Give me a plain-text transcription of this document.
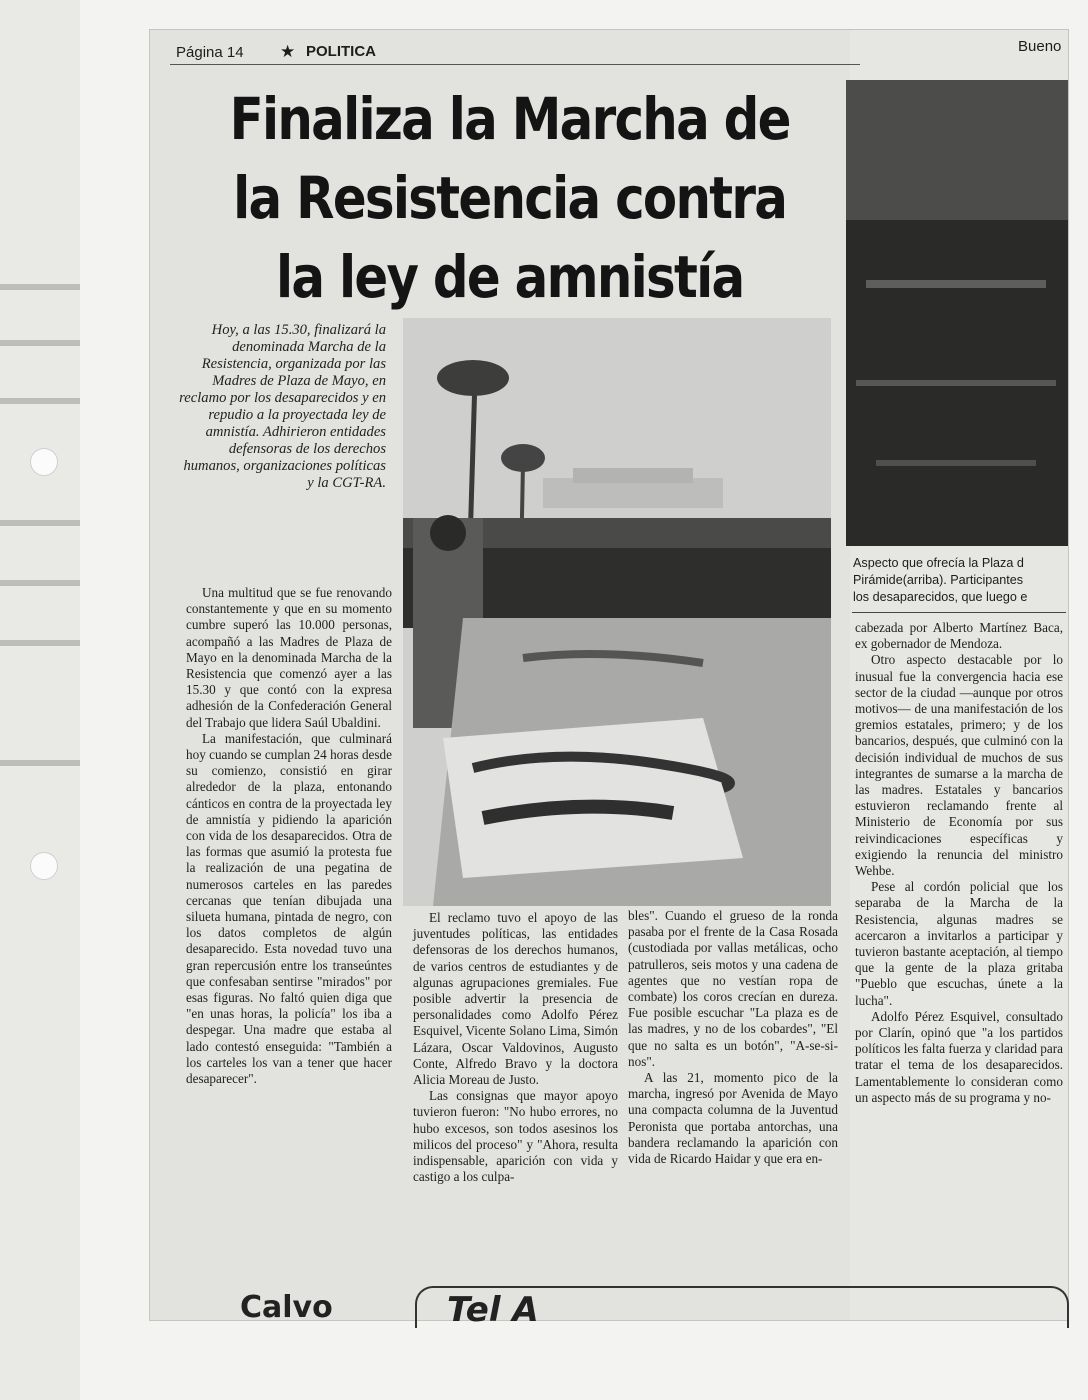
Página 14 ★ POLITICA	Bueno
Finaliza la Marcha de
la Resistencia contra
la ley de amnistía
Hoy, a las 15.30, finalizará la denominada Marcha de la Resistencia, organizada por las Madres de Plaza de Mayo, en reclamo por los desaparecidos y en repudio a la proyectada ley de amnistía. Adhirieron entidades defensoras de los derechos humanos, organizaciones políticas y la CGT-RA.
Aspecto que ofrecía la Plaza d
Pirámide(arriba). Participantes
los desaparecidos, que luego e

Una multitud que se fue renovando constantemente y que en su momento cumbre superó las 10.000 personas, acompañó a las Madres de Plaza de Mayo en la denominada Marcha de la Resistencia que comenzó ayer a las 15.30 y que contó con la expresa adhesión de la Confederación General del Trabajo que lidera Saúl Ubaldini.

La manifestación, que culminará hoy cuando se cumplan 24 horas desde su comienzo, consistió en girar alrededor de la plaza, entonando cánticos en contra de la proyectada ley de amnistía y pidiendo la aparición con vida de los desaparecidos. Otra de las formas que asumió la protesta fue la realización de una pegatina de numerosos carteles en las paredes cercanas que tenían dibujada una silueta humana, pintada de negro, con los datos completos de algún desaparecido. Esta novedad tuvo una gran repercusión entre los transeúntes que confesaban sentirse "mirados" por esas figuras. No faltó quien diga que "en unas horas, la policía" los iba a despegar. Una madre que estaba al lado contestó enseguida: "También a los carteles los van a tener que hacer desaparecer".

El reclamo tuvo el apoyo de las juventudes políticas, las entidades defensoras de los derechos humanos, de varios centros de estudiantes y de algunas agrupaciones gremiales. Fue posible advertir la presencia de personalidades como Adolfo Pérez Esquivel, Vicente Solano Lima, Simón Lázara, Oscar Valdovinos, Augusto Conte, Alfredo Bravo y la doctora Alicia Moreau de Justo.

Las consignas que mayor apoyo tuvieron fueron: "No hubo errores, no hubo excesos, son todos asesinos los milicos del proceso" y "Ahora, resulta indispensable, aparición con vida y castigo a los culpa-

bles". Cuando el grueso de la ronda pasaba por el frente de la Casa Rosada (custodiada por vallas metálicas, ocho patrulleros, seis motos y una cadena de agentes que no vestían ropa de combate) los coros crecían en dureza. Fue posible escuchar "La plaza es de las madres, y no de los cobardes", "El que no salta es un botón", "A-se-si-nos".

A las 21, momento pico de la marcha, ingresó por Avenida de Mayo una compacta columna de la Juventud Peronista que portaba antorchas, una bandera reclamando la aparición con vida de Ricardo Haidar y que era en-

cabezada por Alberto Martínez Baca, ex gobernador de Mendoza.

Otro aspecto destacable por lo inusual fue la convergencia hacia ese sector de la ciudad —aunque por otros motivos— de una manifestación de los gremios estatales, primero; y de los bancarios, después, que culminó con la decisión individual de muchos de sus integrantes de sumarse a la marcha de las madres. Estatales y bancarios estuvieron reclamando frente al Ministerio de Economía por sus reivindicaciones específicas y exigiendo la renuncia del ministro Wehbe.

Pese al cordón policial que los separaba de la Marcha de la Resistencia, algunas madres se acercaron a invitarlos a participar y tuvieron bastante aceptación, al tiempo que la gente de la plaza gritaba "Pueblo que escuchas, únete a la lucha".

Adolfo Pérez Esquivel, consultado por Clarín, opinó que "a los partidos políticos les falta fuerza y claridad para tratar el tema de los desaparecidos. Lamentablemente lo consideran como un aspecto más de su programa y no-

Calvo	Tel A
